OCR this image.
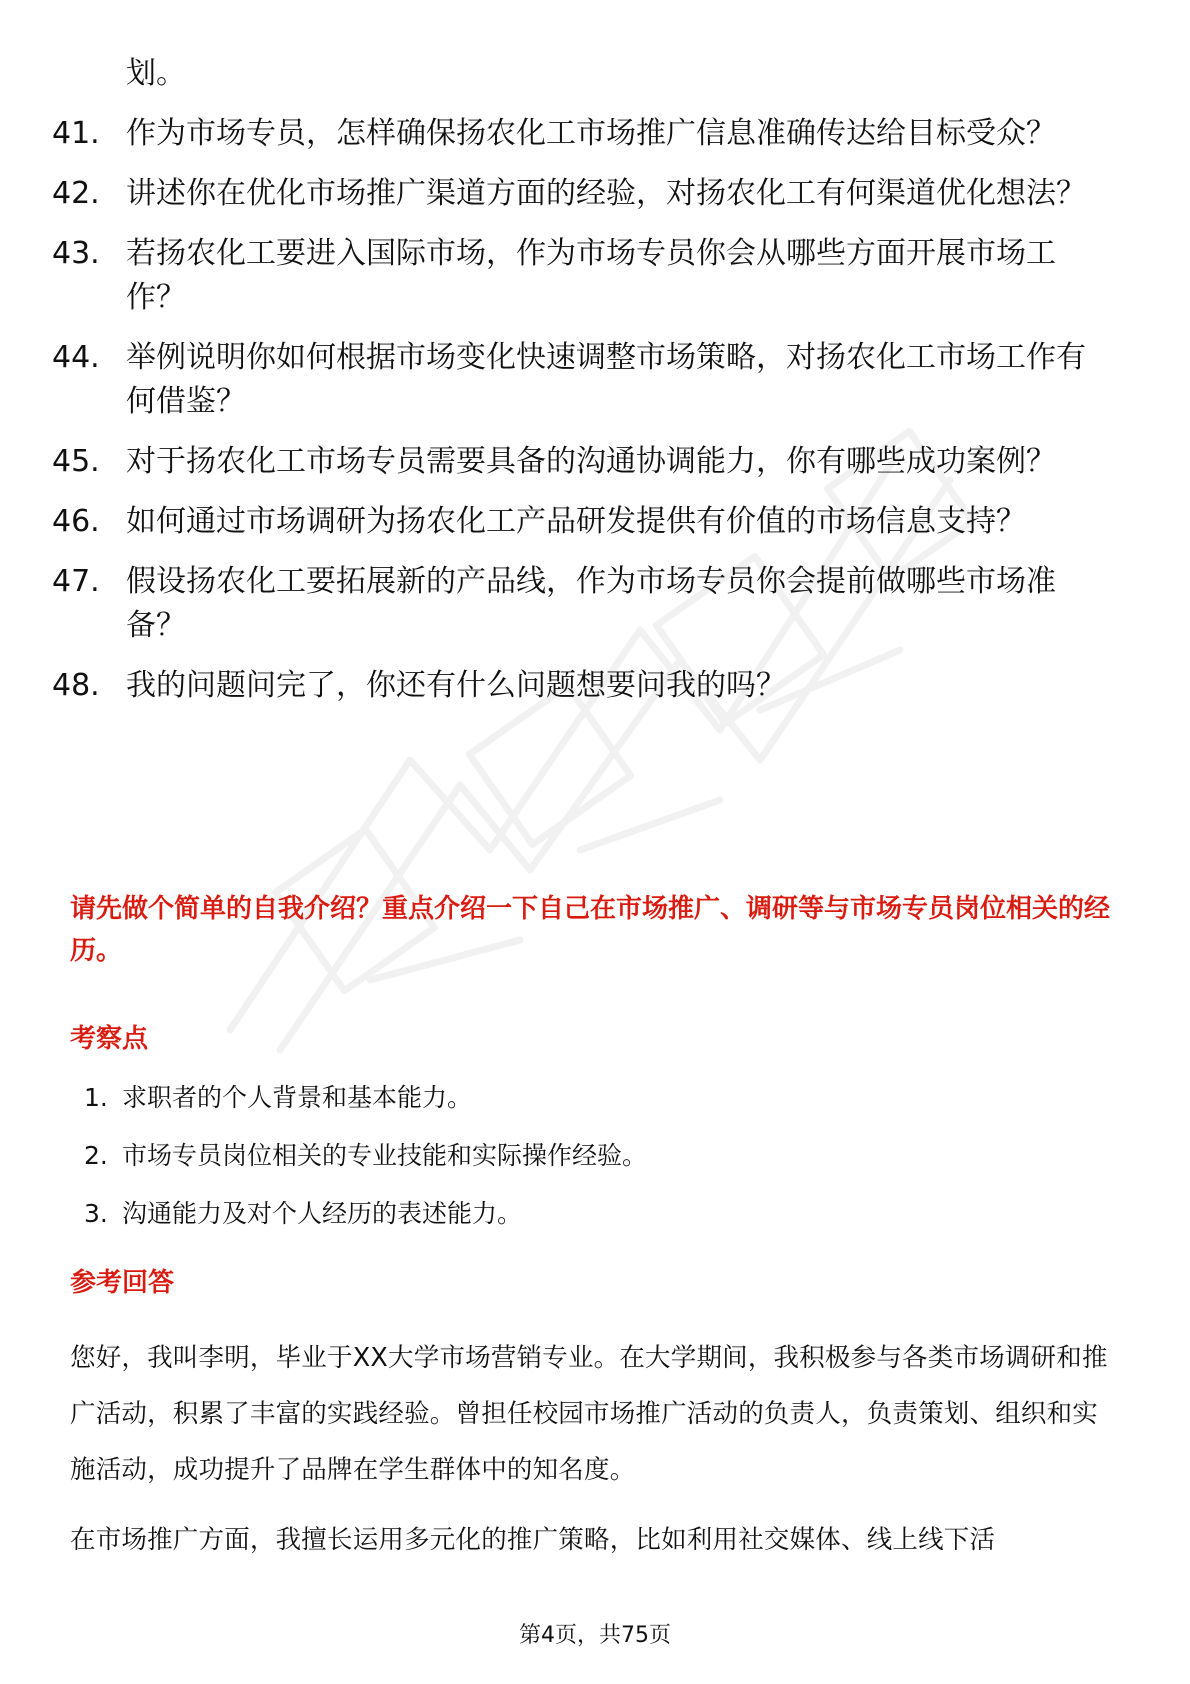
划。

41. 作为市场专员，怎样确保扬农化工市场推广信息准确传达给目标受众？
42. 讲述你在优化市场推广渠道方面的经验，对扬农化工有何渠道优化想法？
43. 若扬农化工要进入国际市场，作为市场专员你会从哪些方面开展市场工作？
44. 举例说明你如何根据市场变化快速调整市场策略，对扬农化工市场工作有何借鉴？
45. 对于扬农化工市场专员需要具备的沟通协调能力，你有哪些成功案例？
46. 如何通过市场调研为扬农化工产品研发提供有价值的市场信息支持？
47. 假设扬农化工要拓展新的产品线，作为市场专员你会提前做哪些市场准备？
48. 我的问题问完了，你还有什么问题想要问我的吗？
请先做个简单的自我介绍？重点介绍一下自己在市场推广、调研等与市场专员岗位相关的经历。
考察点
1. 求职者的个人背景和基本能力。
2. 市场专员岗位相关的专业技能和实际操作经验。
3. 沟通能力及对个人经历的表述能力。
参考回答

您好，我叫李明，毕业于XX大学市场营销专业。在大学期间，我积极参与各类市场调研和推广活动，积累了丰富的实践经验。曾担任校园市场推广活动的负责人，负责策划、组织和实施活动，成功提升了品牌在学生群体中的知名度。

在市场推广方面，我擅长运用多元化的推广策略，比如利用社交媒体、线上线下活

第4页，共75页
